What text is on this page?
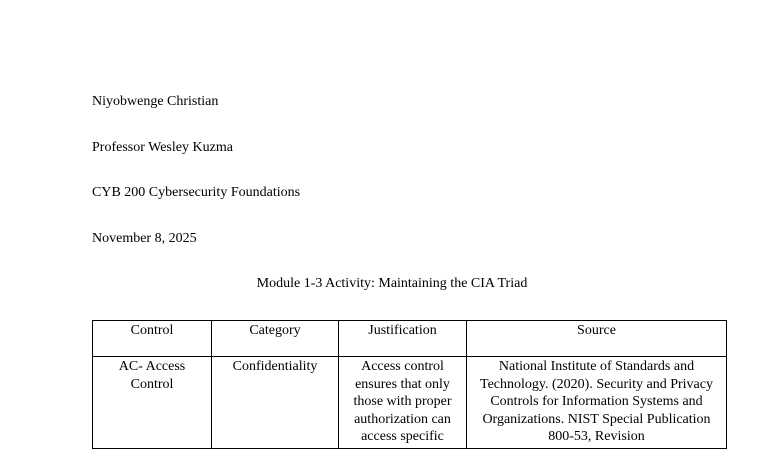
Niyobwenge Christian
Professor Wesley Kuzma
CYB 200 Cybersecurity Foundations
November 8, 2025
Module 1-3 Activity: Maintaining the CIA Triad
Control	Category	Justification	Source
AC- Access Control	Confidentiality	Access control ensures that only those with proper authorization can access specific	National Institute of Standards and Technology. (2020). Security and Privacy Controls for Information Systems and Organizations. NIST Special Publication 800-53, Revision
